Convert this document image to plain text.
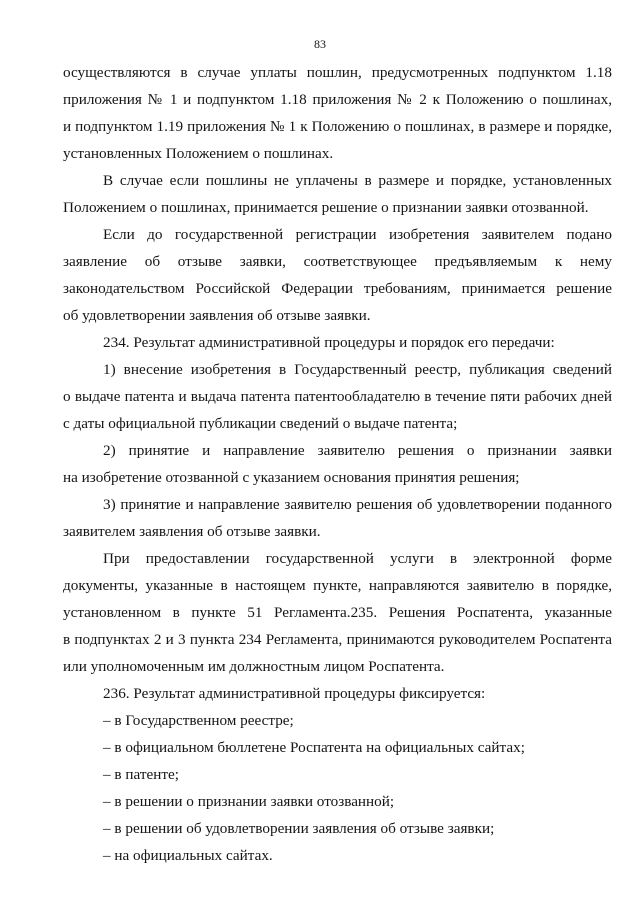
83
осуществляются в случае уплаты пошлин, предусмотренных подпунктом 1.18
приложения № 1 и подпунктом 1.18 приложения № 2 к Положению о пошлинах,
и подпунктом 1.19 приложения № 1 к Положению о пошлинах, в размере и порядке,
установленных Положением о пошлинах.
В случае если пошлины не уплачены в размере и порядке, установленных
Положением о пошлинах, принимается решение о признании заявки отозванной.
Если до государственной регистрации изобретения заявителем подано
заявление об отзыве заявки, соответствующее предъявляемым к нему
законодательством Российской Федерации требованиям, принимается решение
об удовлетворении заявления об отзыве заявки.
234. Результат административной процедуры и порядок его передачи:
1) внесение изобретения в Государственный реестр, публикация сведений
о выдаче патента и выдача патента патентообладателю в течение пяти рабочих дней
с даты официальной публикации сведений о выдаче патента;
2) принятие и направление заявителю решения о признании заявки
на изобретение отозванной с указанием основания принятия решения;
3) принятие и направление заявителю решения об удовлетворении поданного
заявителем заявления об отзыве заявки.
При предоставлении государственной услуги в электронной форме
документы, указанные в настоящем пункте, направляются заявителю в порядке,
установленном в пункте 51 Регламента.235. Решения Роспатента, указанные
в подпунктах 2 и 3 пункта 234 Регламента, принимаются руководителем Роспатента
или уполномоченным им должностным лицом Роспатента.
236. Результат административной процедуры фиксируется:
– в Государственном реестре;
– в официальном бюллетене Роспатента на официальных сайтах;
– в патенте;
– в решении о признании заявки отозванной;
– в решении об удовлетворении заявления об отзыве заявки;
– на официальных сайтах.
